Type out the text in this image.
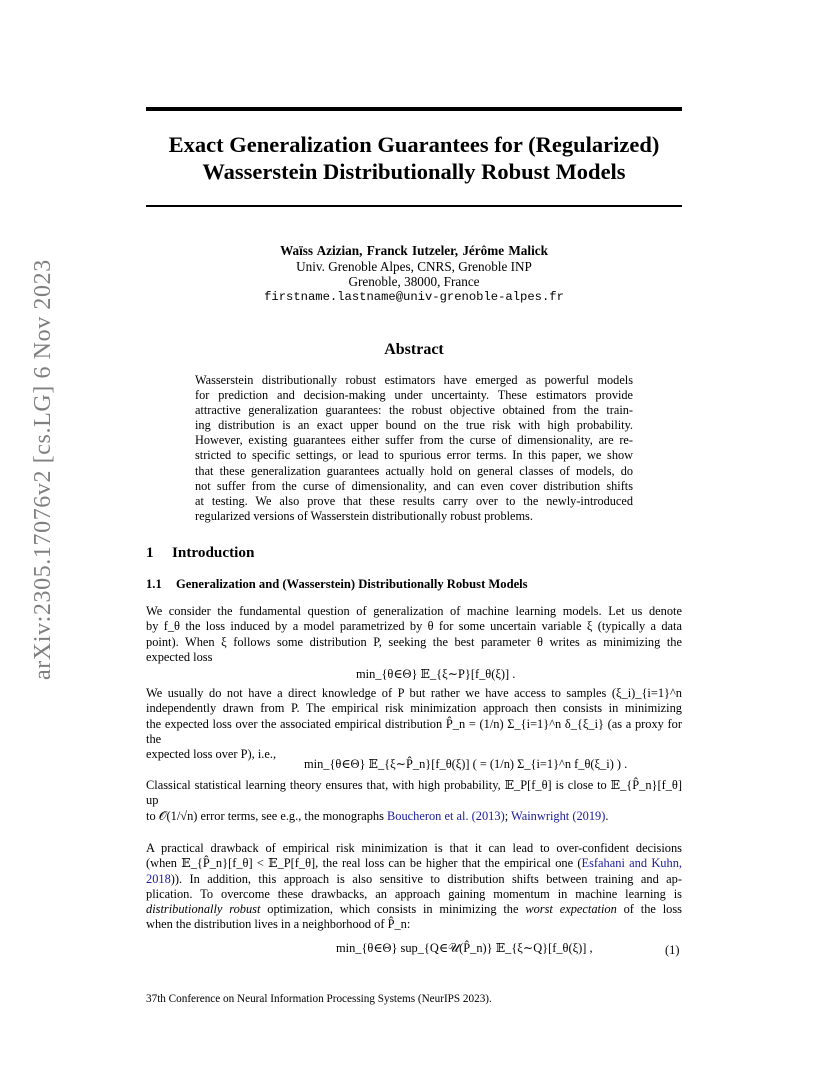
arXiv:2305.17076v2 [cs.LG] 6 Nov 2023
Exact Generalization Guarantees for (Regularized)
Wasserstein Distributionally Robust Models
Waïss Azizian, Franck Iutzeler, Jérôme Malick
Univ. Grenoble Alpes, CNRS, Grenoble INP
Grenoble, 38000, France
firstname.lastname@univ-grenoble-alpes.fr
Abstract
Wasserstein distributionally robust estimators have emerged as powerful models
for prediction and decision-making under uncertainty. These estimators provide
attractive generalization guarantees: the robust objective obtained from the train-
ing distribution is an exact upper bound on the true risk with high probability.
However, existing guarantees either suffer from the curse of dimensionality, are re-
stricted to specific settings, or lead to spurious error terms. In this paper, we show
that these generalization guarantees actually hold on general classes of models, do
not suffer from the curse of dimensionality, and can even cover distribution shifts
at testing. We also prove that these results carry over to the newly-introduced
regularized versions of Wasserstein distributionally robust problems.
1 Introduction
1.1 Generalization and (Wasserstein) Distributionally Robust Models
We consider the fundamental question of generalization of machine learning models. Let us denote
by f_θ the loss induced by a model parametrized by θ for some uncertain variable ξ (typically a data
point). When ξ follows some distribution P, seeking the best parameter θ writes as minimizing the
expected loss
min_{θ∈Θ} 𝔼_{ξ∼P}[f_θ(ξ)] .
We usually do not have a direct knowledge of P but rather we have access to samples (ξ_i)_{i=1}^n
independently drawn from P. The empirical risk minimization approach then consists in minimizing
the expected loss over the associated empirical distribution P̂_n = (1/n) Σ_{i=1}^n δ_{ξ_i} (as a proxy for the
expected loss over P), i.e.,
min_{θ∈Θ} 𝔼_{ξ∼P̂_n}[f_θ(ξ)] ( = (1/n) Σ_{i=1}^n f_θ(ξ_i) ) .
Classical statistical learning theory ensures that, with high probability, 𝔼_P[f_θ] is close to 𝔼_{P̂_n}[f_θ] up
to 𝒪(1/√n) error terms, see e.g., the monographs Boucheron et al. (2013); Wainwright (2019).
A practical drawback of empirical risk minimization is that it can lead to over-confident decisions
(when 𝔼_{P̂_n}[f_θ] < 𝔼_P[f_θ], the real loss can be higher that the empirical one (Esfahani and Kuhn,
2018)). In addition, this approach is also sensitive to distribution shifts between training and ap-
plication. To overcome these drawbacks, an approach gaining momentum in machine learning is
distributionally robust optimization, which consists in minimizing the worst expectation of the loss
when the distribution lives in a neighborhood of P̂_n:
min_{θ∈Θ} sup_{Q∈𝒰(P̂_n)} 𝔼_{ξ∼Q}[f_θ(ξ)] ,	(1)
37th Conference on Neural Information Processing Systems (NeurIPS 2023).
